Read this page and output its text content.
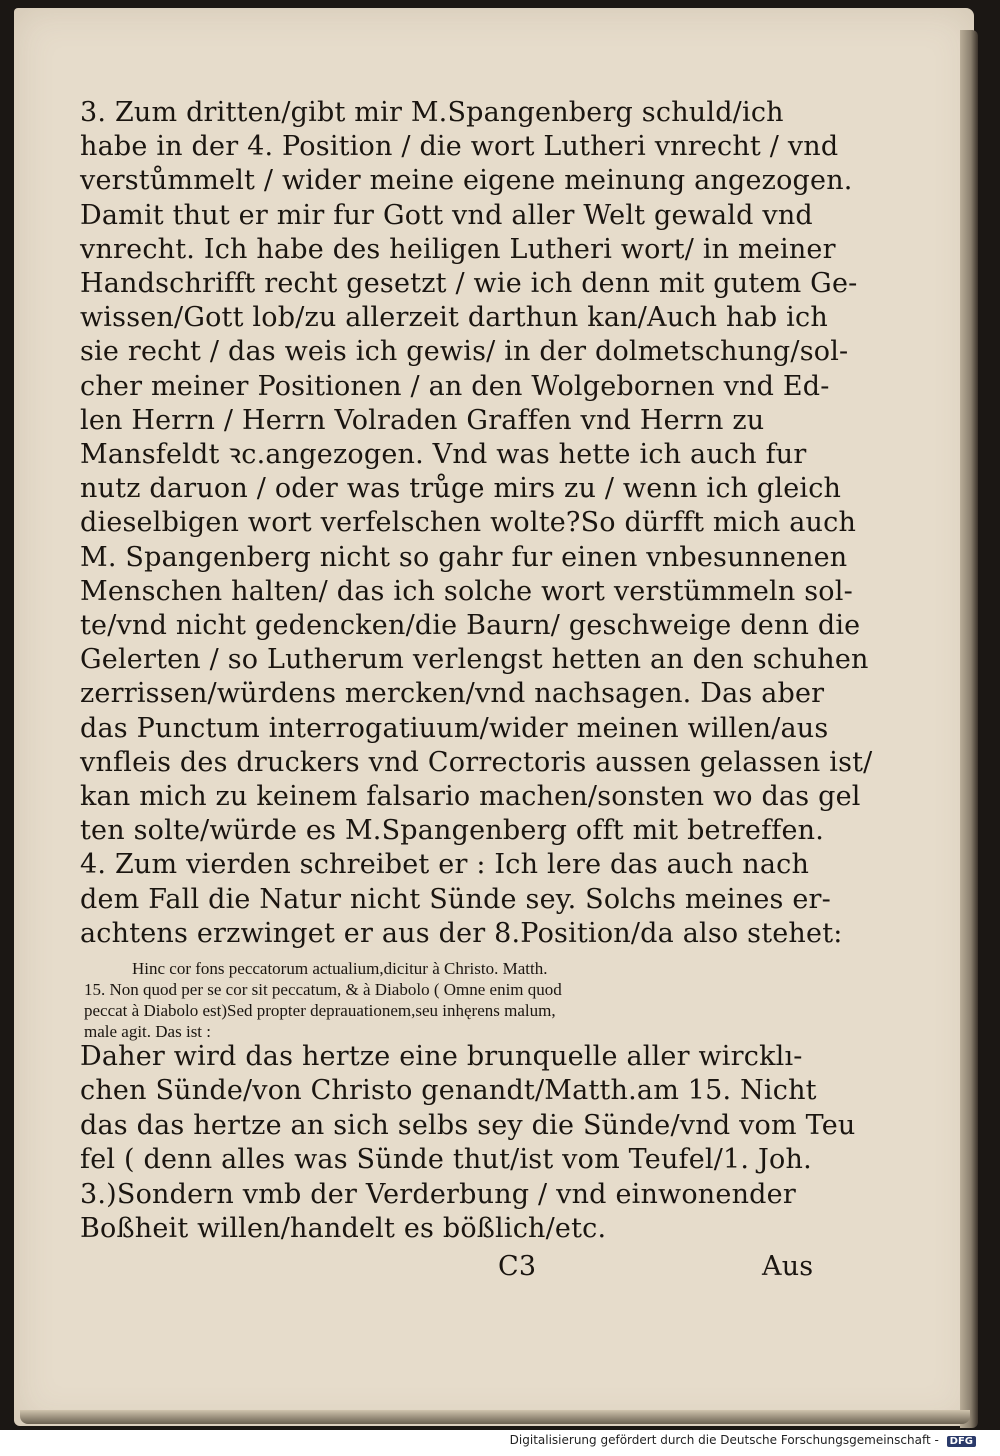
3. Zum dritten/gibt mir M.Spangenberg schuld/ich
habe in der 4. Position / die wort Lutheri vnrecht / vnd
verstůmmelt / wider meine eigene meinung angezogen.
Damit thut er mir fur Gott vnd aller Welt gewald vnd
vnrecht. Ich habe des heiligen Lutheri wort/ in meiner
Handschrifft recht gesetzt / wie ich denn mit gutem Ge-
wissen/Gott lob/zu allerzeit darthun kan/Auch hab ich
sie recht / das weis ich gewis/ in der dolmetschung/sol-
cher meiner Positionen / an den Wolgebornen vnd Ed-
len Herrn / Herrn Volraden Graffen vnd Herrn zu
Mansfeldt ꝛc.angezogen. Vnd was hette ich auch fur
nutz daruon / oder was trůge mirs zu / wenn ich gleich
dieselbigen wort verfelschen wolte?So dürfft mich auch
M. Spangenberg nicht so gahr fur einen vnbesunnenen
Menschen halten/ das ich solche wort verstümmeln sol-
te/vnd nicht gedencken/die Baurn/ geschweige denn die
Gelerten / so Lutherum verlengst hetten an den schuhen
zerrissen/würdens mercken/vnd nachsagen. Das aber
das Punctum interrogatiuum/wider meinen willen/aus
vnfleis des druckers vnd Correctoris aussen gelassen ist/
kan mich zu keinem falsario machen/sonsten wo das gel
ten solte/würde es M.Spangenberg offt mit betreffen.
4. Zum vierden schreibet er : Ich lere das auch nach
dem Fall die Natur nicht Sünde sey. Solchs meines er-
achtens erzwinget er aus der 8.Position/da also stehet:
Hinc cor fons peccatorum actualium,dicitur à Christo. Matth.
15. Non quod per se cor sit peccatum, & à Diabolo ( Omne enim quod
peccat à Diabolo est)Sed propter deprauationem,seu inhęrens malum,
male agit. Das ist :
Daher wird das hertze eine brunquelle aller wircklı-
chen Sünde/von Christo genandt/Matth.am 15. Nicht
das das hertze an sich selbs sey die Sünde/vnd vom Teu
fel ( denn alles was Sünde thut/ist vom Teufel/1. Joh.
3.)Sondern vmb der Verderbung / vnd einwonender
Boßheit willen/handelt es bößlich/etc.
C3	Aus
Digitalisierung gefördert durch die Deutsche Forschungsgemeinschaft - DFG
